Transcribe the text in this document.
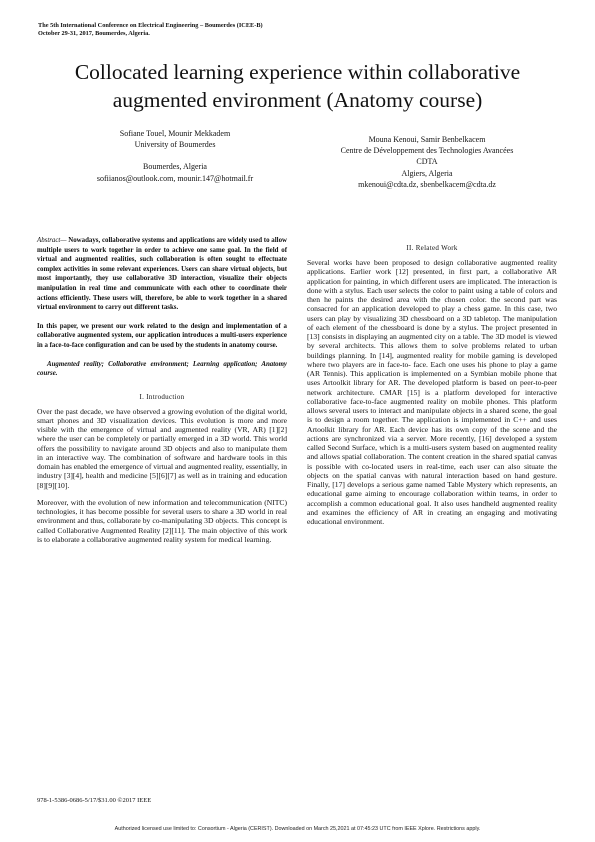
The 5th International Conference on Electrical Engineering – Boumerdes (ICEE-B)
October 29-31, 2017, Boumerdes, Algeria.
Collocated learning experience within collaborative
augmented environment (Anatomy course)
Sofiane Touel, Mounir Mekkadem
University of Boumerdes
Boumerdes, Algeria
sofiianos@outlook.com, mounir.147@hotmail.fr
Mouna Kenoui, Samir Benbelkacem
Centre de Développement des Technologies Avancées
CDTA
Algiers, Algeria
mkenoui@cdta.dz, sbenbelkacem@cdta.dz

Abstract— Nowadays, collaborative systems and applications are widely used to allow multiple users to work together in order to achieve one same goal. In the field of virtual and augmented realities, such collaboration is often sought to effectuate complex activities in some relevant experiences. Users can share virtual objects, but most importantly, they use collaborative 3D interaction, visualize their objects manipulation in real time and communicate with each other to coordinate their actions efficiently. These users will, therefore, be able to work together in a shared virtual environment to carry out different tasks.

In this paper, we present our work related to the design and implementation of a collaborative augmented system, our application introduces a multi-users experience in a face-to-face configuration and can be used by the students in anatomy course.

Augmented reality; Collaborative environment; Learning application; Anatomy course.

I. Introduction

Over the past decade, we have observed a growing evolution of the digital world, smart phones and 3D visualization devices. This evolution is more and more visible with the emergence of virtual and augmented reality (VR, AR) [1][2] where the user can be completely or partially emerged in a 3D world. This world offers the possibility to navigate around 3D objects and also to manipulate them in an interactive way. The combination of software and hardware tools in this domain has enabled the emergence of virtual and augmented reality, essentially, in industry [3][4], health and medicine [5][6][7] as well as in training and education [8][9][10].

Moreover, with the evolution of new information and telecommunication (NITC) technologies, it has become possible for several users to share a 3D world in real environment and thus, collaborate by co-manipulating 3D objects. This concept is called Collaborative Augmented Reality [2][11]. The main objective of this work is to elaborate a collaborative augmented reality system for medical learning.

II. Related Work

Several works have been proposed to design collaborative augmented reality applications. Earlier work [12] presented, in first part, a collaborative AR application for painting, in which different users are implicated. The interaction is done with a stylus. Each user selects the color to paint using a table of colors and then he paints the desired area with the chosen color. the second part was consacred for an application developed to play a chess game. In this case, two users can play by visualizing 3D chessboard on a 3D tabletop. The manipulation of each element of the chessboard is done by a stylus. The project presented in [13] consists in displaying an augmented city on a table. The 3D model is viewed by several architects. This allows them to solve problems related to urban buildings planning. In [14], augmented reality for mobile gaming is developed where two players are in face-to- face. Each one uses his phone to play a game (AR Tennis). This application is implemented on a Symbian mobile phone that uses Artoolkit library for AR. The developed platform is based on peer-to-peer network architecture. CMAR [15] is a platform developed for interactive collaborative face-to-face augmented reality on mobile phones. This platform allows several users to interact and manipulate objects in a shared scene, the goal is to design a room together. The application is implemented in C++ and uses Artoolkit library for AR. Each device has its own copy of the scene and the actions are synchronized via a server. More recently, [16] developed a system called Second Surface, which is a multi-users system based on augmented reality and allows spatial collaboration. The content creation in the shared spatial canvas is possible with co-located users in real-time, each user can also situate the objects on the spatial canvas with natural interaction based on hand gesture. Finally, [17] develops a serious game named Table Mystery which represents, an educational game aiming to encourage collaboration within teams, in order to accomplish a common educational goal. It also uses handheld augmented reality and examines the efficiency of AR in creating an engaging and motivating educational environment.

978-1-5386-0686-5/17/$31.00 ©2017 IEEE
Authorized licensed use limited to: Consortium - Algeria (CERIST). Downloaded on March 25,2021 at 07:45:23 UTC from IEEE Xplore. Restrictions apply.
